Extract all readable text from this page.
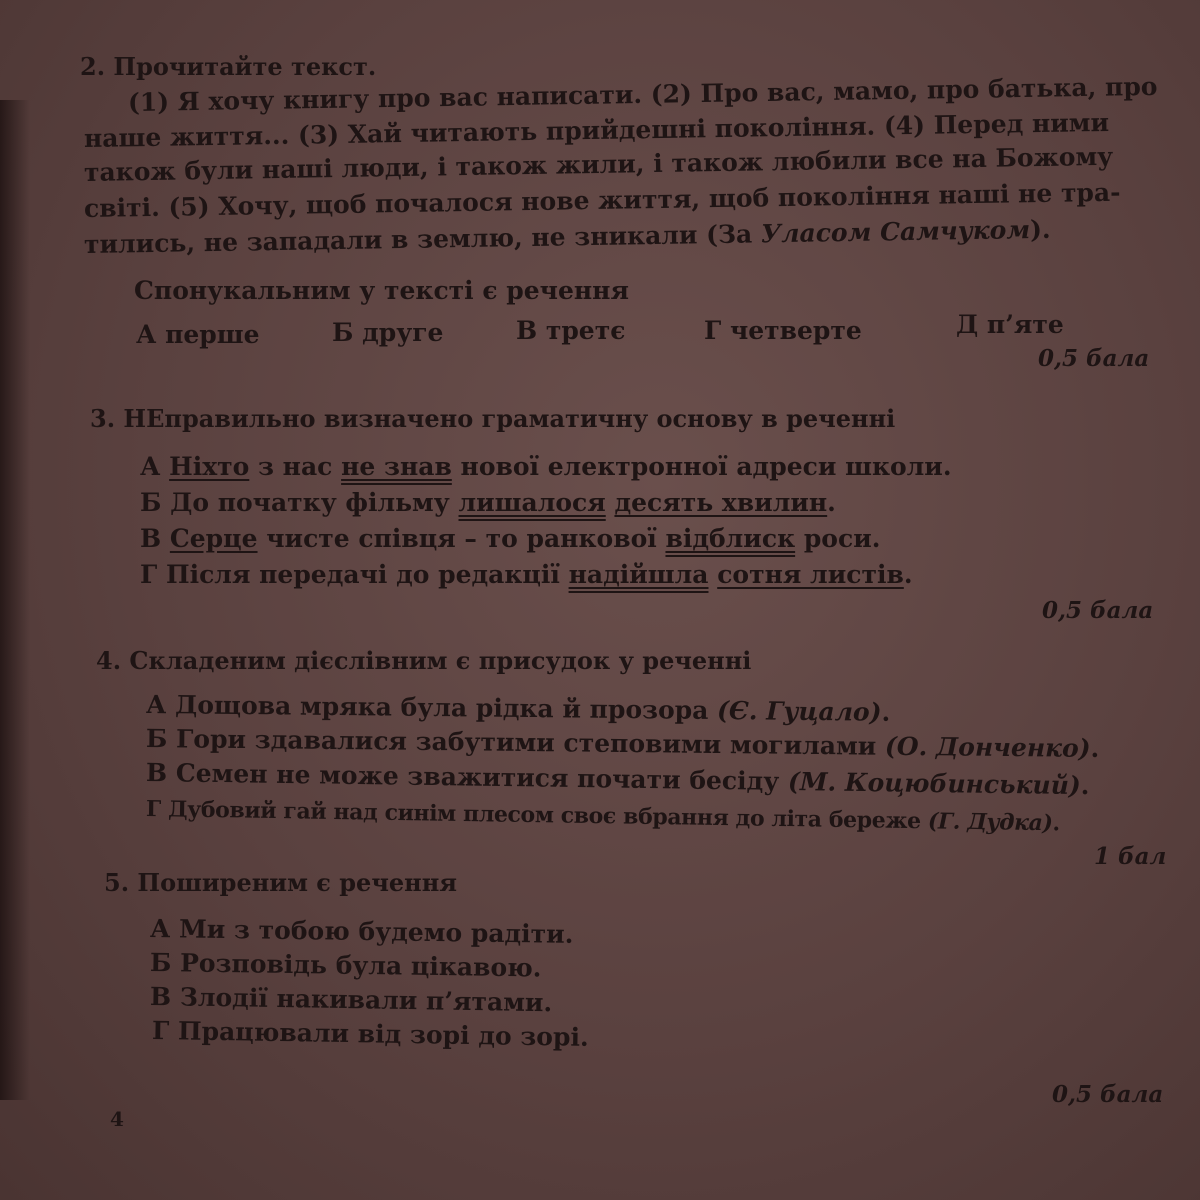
2. Прочитайте текст.
(1) Я хочу книгу про вас написати. (2) Про вас, мамо, про батька, про
наше життя... (3) Хай читають прийдешні покоління. (4) Перед ними
також були наші люди, і також жили, і також любили все на Божому
світі. (5) Хочу, щоб почалося нове життя, щоб покоління наші не тра-
тились, не западали в землю, не зникали (За Уласом Самчуком).
Спонукальним у тексті є речення
А перше	Б друге	В третє	Г четверте	Д п’яте
0,5 бала
3. НЕправильно визначено граматичну основу в реченні
А Ніхто з нас не знав нової електронної адреси школи.
Б До початку фільму лишалося десять хвилин.
В Серце чисте співця – то ранкової відблиск роси.
Г Після передачі до редакції надійшла сотня листів.
0,5 бала
4. Складеним дієслівним є присудок у реченні
А Дощова мряка була рідка й прозора (Є. Гуцало).
Б Гори здавалися забутими степовими могилами (О. Донченко).
В Семен не може зважитися почати бесіду (М. Коцюбинський).
Г Дубовий гай над синім плесом своє вбрання до літа береже (Г. Дудка).
1 бал
5. Поширеним є речення
А Ми з тобою будемо радіти.
Б Розповідь була цікавою.
В Злодії накивали п’ятами.
Г Працювали від зорі до зорі.
0,5 бала
4
